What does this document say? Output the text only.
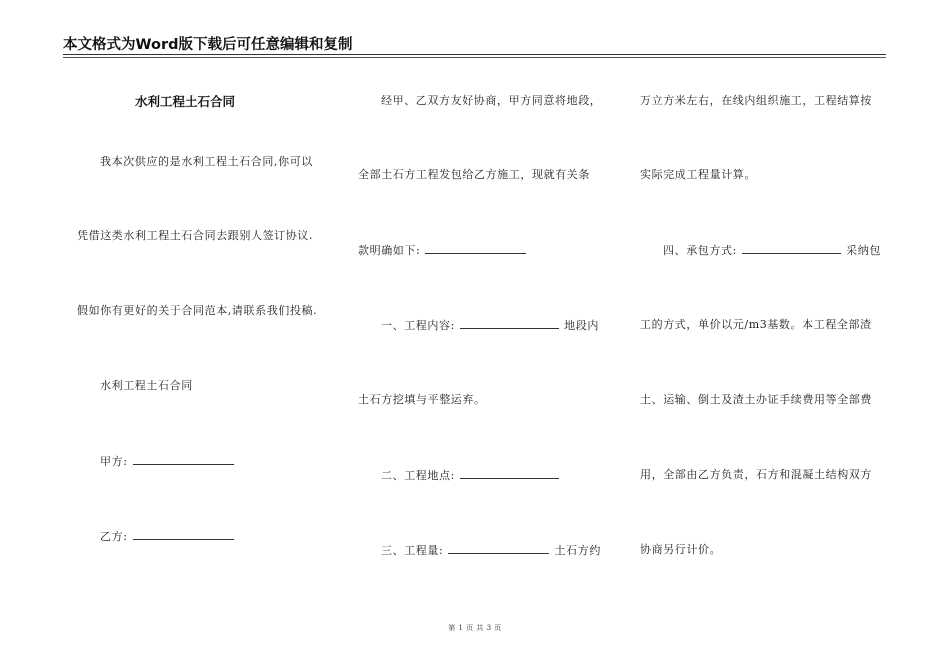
本文格式为Word版下载后可任意编辑和复制
水利工程土石合同
我本次供应的是水利工程土石合同,你可以
凭借这类水利工程土石合同去跟别人签订协议.
假如你有更好的关于合同范本,请联系我们投稿.
水利工程土石合同
甲方:
乙方:
经甲、乙双方友好协商，甲方同意将地段，
全部土石方工程发包给乙方施工，现就有关条
款明确如下:
一、工程内容:	地段内
土石方挖填与平整运弃。
二、工程地点:
三、工程量:	土石方约
万立方米左右，在线内组织施工，工程结算按
实际完成工程量计算。
四、承包方式:	采纳包
工的方式，单价以元/m3基数。本工程全部渣
土、运输、倒土及渣土办证手续费用等全部费
用，全部由乙方负责，石方和混凝土结构双方
协商另行计价。
第 1 页 共 3 页
